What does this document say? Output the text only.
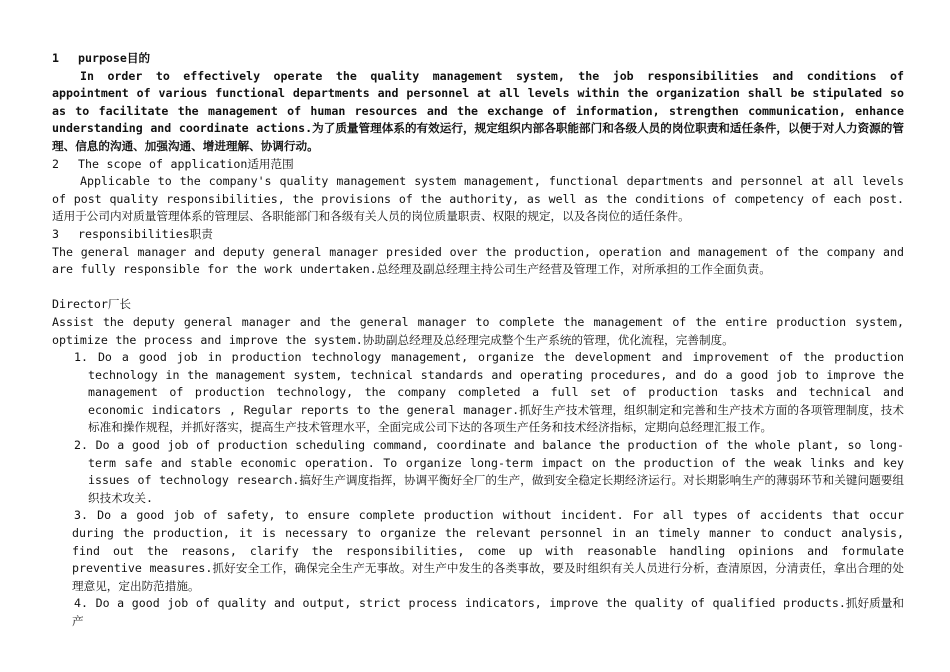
1 purpose目的

In order to effectively operate the quality management system, the job responsibilities and conditions of appointment of various functional departments and personnel at all levels within the organization shall be stipulated so as to facilitate the management of human resources and the exchange of information, strengthen communication, enhance understanding and coordinate actions.为了质量管理体系的有效运行，规定组织内部各职能部门和各级人员的岗位职责和适任条件，以便于对人力资源的管理、信息的沟通、加强沟通、增进理解、协调行动。

2 The scope of application适用范围

Applicable to the company's quality management system management, functional departments and personnel at all levels of post quality responsibilities, the provisions of the authority, as well as the conditions of competency of each post.适用于公司内对质量管理体系的管理层、各职能部门和各级有关人员的岗位质量职责、权限的规定，以及各岗位的适任条件。

3 responsibilities职责

The general manager and deputy general manager presided over the production, operation and management of the company and are fully responsible for the work undertaken.总经理及副总经理主持公司生产经营及管理工作，对所承担的工作全面负责。

Director厂长

Assist the deputy general manager and the general manager to complete the management of the entire production system, optimize the process and improve the system.协助副总经理及总经理完成整个生产系统的管理，优化流程，完善制度。

1. Do a good job in production technology management, organize the development and improvement of the production technology in the management system, technical standards and operating procedures, and do a good job to improve the management of production technology, the company completed a full set of production tasks and technical and economic indicators , Regular reports to the general manager.抓好生产技术管理，组织制定和完善和生产技术方面的各项管理制度，技术标准和操作规程，并抓好落实，提高生产技术管理水平，全面完成公司下达的各项生产任务和技术经济指标，定期向总经理汇报工作。

2. Do a good job of production scheduling command, coordinate and balance the production of the whole plant, so long-term safe and stable economic operation. To organize long-term impact on the production of the weak links and key issues of technology research.搞好生产调度指挥，协调平衡好全厂的生产，做到安全稳定长期经济运行。对长期影响生产的薄弱环节和关键问题要组织技术攻关.

3. Do a good job of safety, to ensure complete production without incident. For all types of accidents that occur during the production, it is necessary to organize the relevant personnel in an timely manner to conduct analysis, find out the reasons, clarify the responsibilities, come up with reasonable handling opinions and formulate preventive measures.抓好安全工作，确保完全生产无事故。对生产中发生的各类事故，要及时组织有关人员进行分析，查清原因，分清责任，拿出合理的处理意见，定出防范措施。

4. Do a good job of quality and output, strict process indicators, improve the quality of qualified products.抓好质量和产
